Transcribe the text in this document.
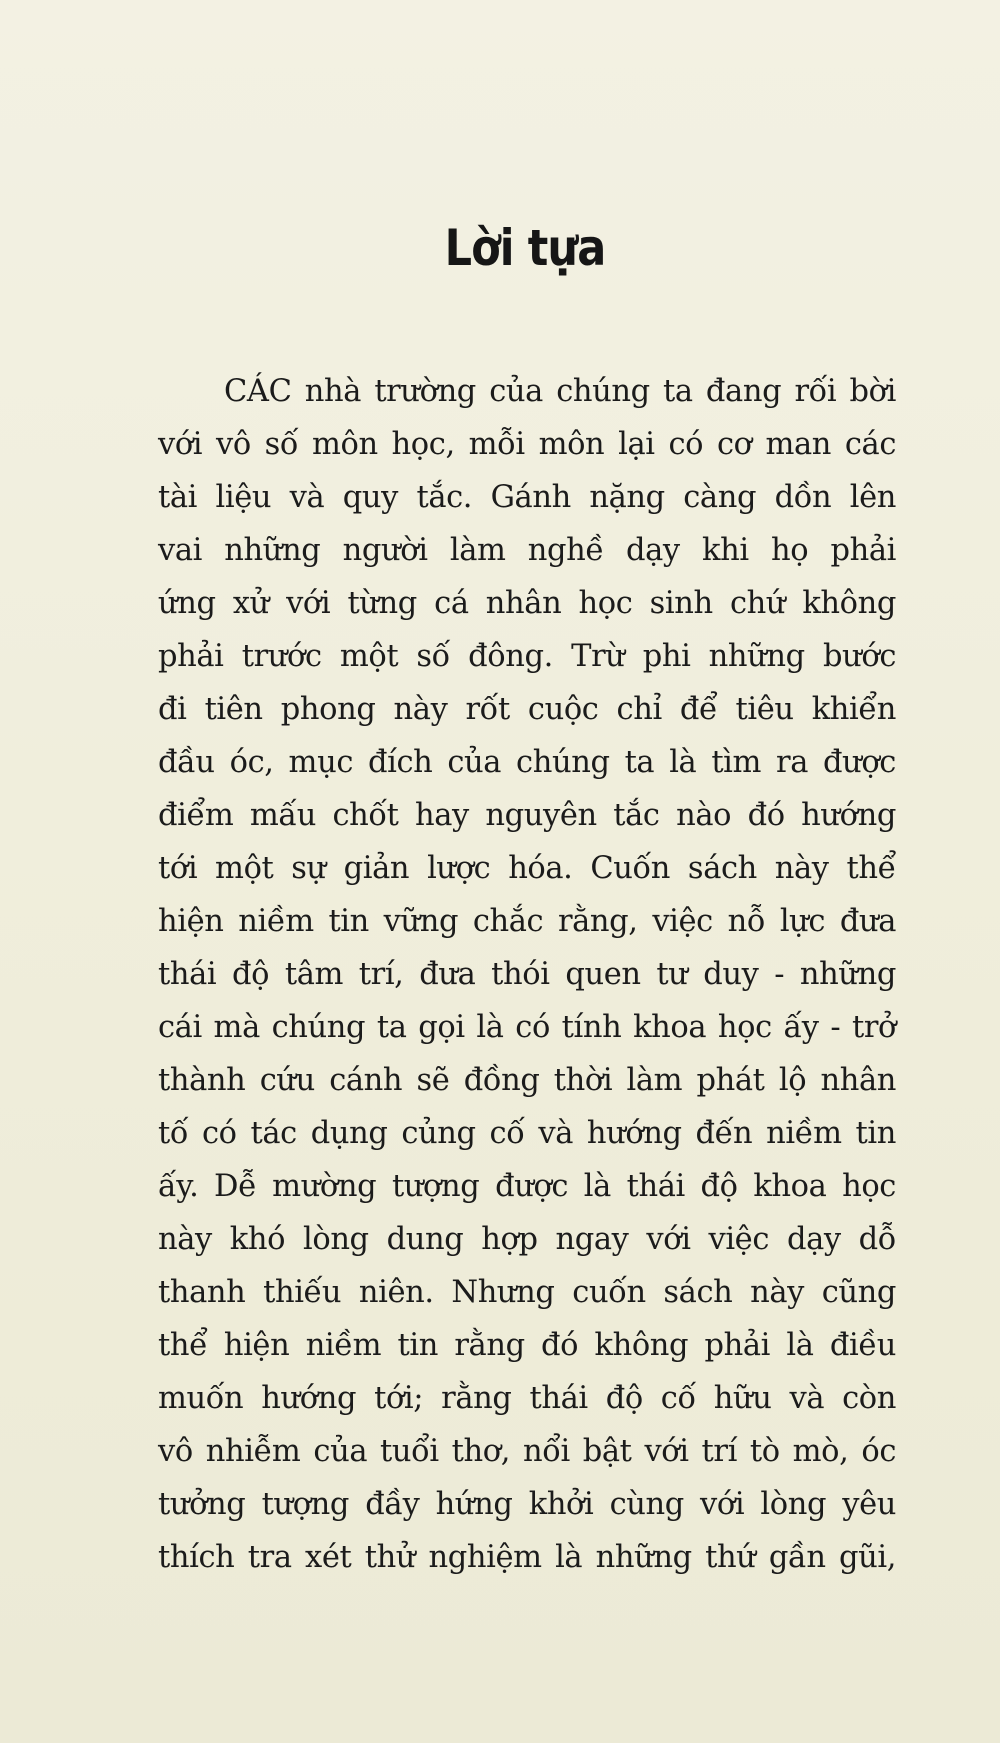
Lời tựa
CÁC nhà trường của chúng ta đang rối bời
với vô số môn học, mỗi môn lại có cơ man các
tài liệu và quy tắc. Gánh nặng càng dồn lên
vai những người làm nghề dạy khi họ phải
ứng xử với từng cá nhân học sinh chứ không
phải trước một số đông. Trừ phi những bước
đi tiên phong này rốt cuộc chỉ để tiêu khiển
đầu óc, mục đích của chúng ta là tìm ra được
điểm mấu chốt hay nguyên tắc nào đó hướng
tới một sự giản lược hóa. Cuốn sách này thể
hiện niềm tin vững chắc rằng, việc nỗ lực đưa
thái độ tâm trí, đưa thói quen tư duy - những
cái mà chúng ta gọi là có tính khoa học ấy - trở
thành cứu cánh sẽ đồng thời làm phát lộ nhân
tố có tác dụng củng cố và hướng đến niềm tin
ấy. Dễ mường tượng được là thái độ khoa học
này khó lòng dung hợp ngay với việc dạy dỗ
thanh thiếu niên. Nhưng cuốn sách này cũng
thể hiện niềm tin rằng đó không phải là điều
muốn hướng tới; rằng thái độ cố hữu và còn
vô nhiễm của tuổi thơ, nổi bật với trí tò mò, óc
tưởng tượng đầy hứng khởi cùng với lòng yêu
thích tra xét thử nghiệm là những thứ gần gũi,
